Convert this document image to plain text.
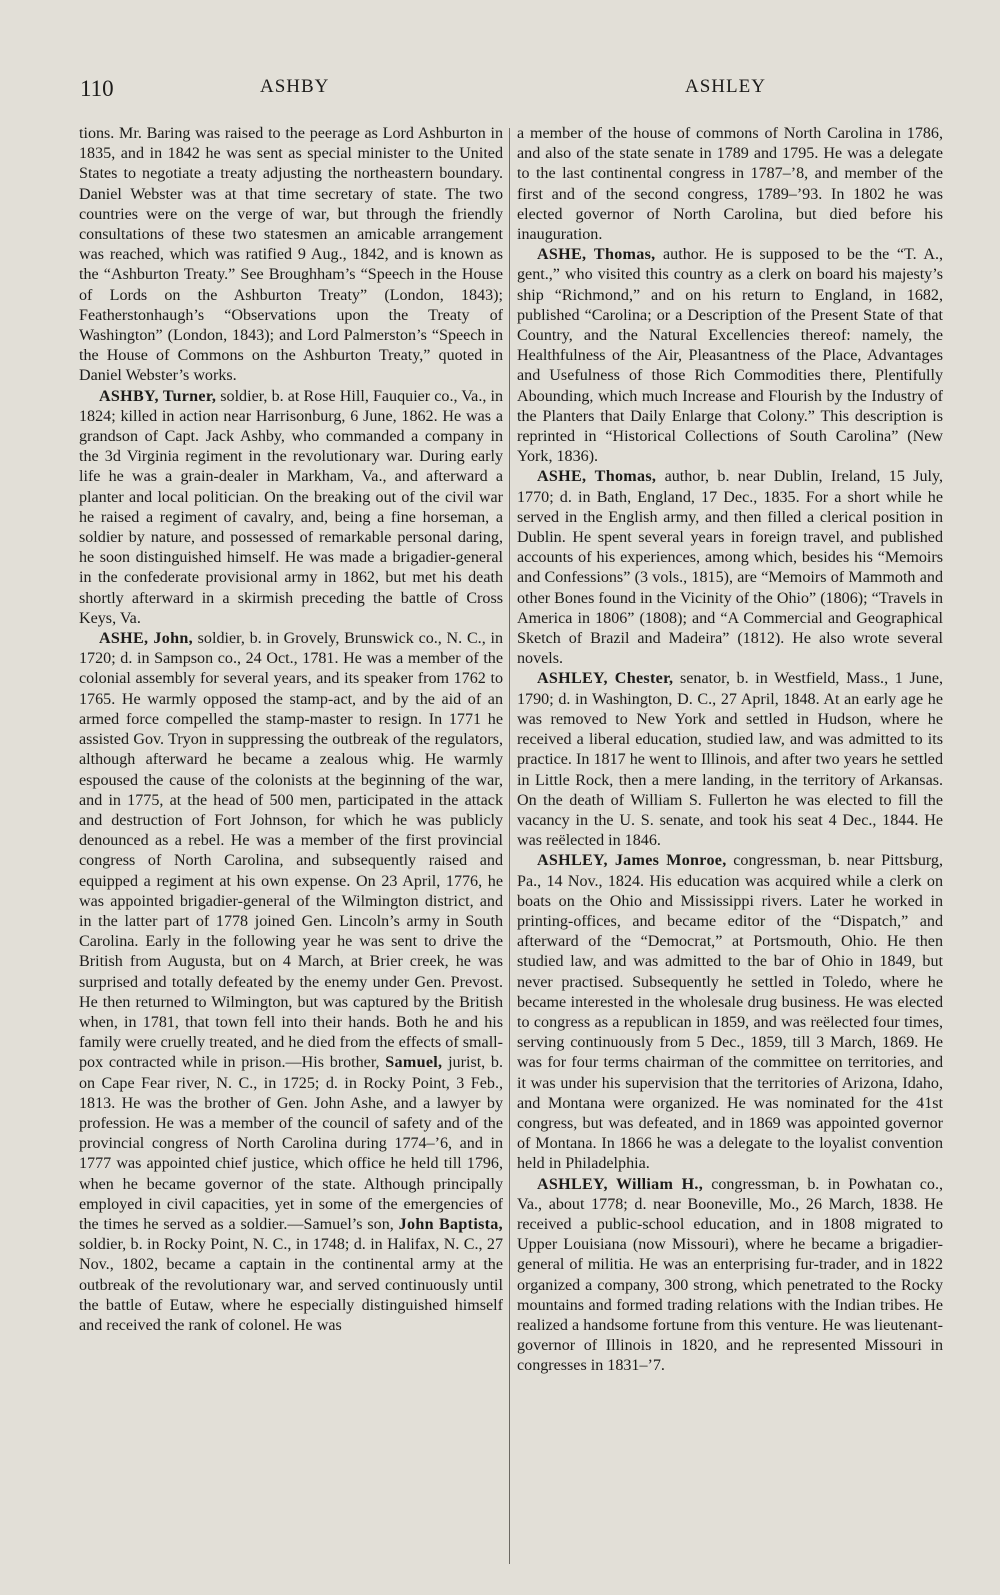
110	ASHBY	ASHLEY

tions. Mr. Baring was raised to the peerage as Lord Ashburton in 1835, and in 1842 he was sent as special minister to the United States to negotiate a treaty adjusting the northeastern boundary. Daniel Webster was at that time secretary of state. The two countries were on the verge of war, but through the friendly consultations of these two statesmen an amicable arrangement was reached, which was ratified 9 Aug., 1842, and is known as the “Ashburton Treaty.” See Broughham’s “Speech in the House of Lords on the Ashburton Treaty” (London, 1843); Featherstonhaugh’s “Observations upon the Treaty of Washington” (London, 1843); and Lord Palmerston’s “Speech in the House of Commons on the Ashburton Treaty,” quoted in Daniel Webster’s works.

ASHBY, Turner, soldier, b. at Rose Hill, Fauquier co., Va., in 1824; killed in action near Harrisonburg, 6 June, 1862. He was a grandson of Capt. Jack Ashby, who commanded a company in the 3d Virginia regiment in the revolutionary war. During early life he was a grain-dealer in Markham, Va., and afterward a planter and local politician. On the breaking out of the civil war he raised a regiment of cavalry, and, being a fine horseman, a soldier by nature, and possessed of remarkable personal daring, he soon distinguished himself. He was made a brigadier-general in the confederate provisional army in 1862, but met his death shortly afterward in a skirmish preceding the battle of Cross Keys, Va.

ASHE, John, soldier, b. in Grovely, Brunswick co., N. C., in 1720; d. in Sampson co., 24 Oct., 1781. He was a member of the colonial assembly for several years, and its speaker from 1762 to 1765. He warmly opposed the stamp-act, and by the aid of an armed force compelled the stamp-master to resign. In 1771 he assisted Gov. Tryon in suppressing the outbreak of the regulators, although afterward he became a zealous whig. He warmly espoused the cause of the colonists at the beginning of the war, and in 1775, at the head of 500 men, participated in the attack and destruction of Fort Johnson, for which he was publicly denounced as a rebel. He was a member of the first provincial congress of North Carolina, and subsequently raised and equipped a regiment at his own expense. On 23 April, 1776, he was appointed brigadier-general of the Wilmington district, and in the latter part of 1778 joined Gen. Lincoln’s army in South Carolina. Early in the following year he was sent to drive the British from Augusta, but on 4 March, at Brier creek, he was surprised and totally defeated by the enemy under Gen. Prevost. He then returned to Wilmington, but was captured by the British when, in 1781, that town fell into their hands. Both he and his family were cruelly treated, and he died from the effects of small-pox contracted while in prison.—His brother, Samuel, jurist, b. on Cape Fear river, N. C., in 1725; d. in Rocky Point, 3 Feb., 1813. He was the brother of Gen. John Ashe, and a lawyer by profession. He was a member of the council of safety and of the provincial congress of North Carolina during 1774–’6, and in 1777 was appointed chief justice, which office he held till 1796, when he became governor of the state. Although principally employed in civil capacities, yet in some of the emergencies of the times he served as a soldier.—Samuel’s son, John Baptista, soldier, b. in Rocky Point, N. C., in 1748; d. in Halifax, N. C., 27 Nov., 1802, became a captain in the continental army at the outbreak of the revolutionary war, and served continuously until the battle of Eutaw, where he especially distinguished himself and received the rank of colonel. He was

a member of the house of commons of North Carolina in 1786, and also of the state senate in 1789 and 1795. He was a delegate to the last continental congress in 1787–’8, and member of the first and of the second congress, 1789–’93. In 1802 he was elected governor of North Carolina, but died before his inauguration.

ASHE, Thomas, author. He is supposed to be the “T. A., gent.,” who visited this country as a clerk on board his majesty’s ship “Richmond,” and on his return to England, in 1682, published “Carolina; or a Description of the Present State of that Country, and the Natural Excellencies thereof: namely, the Healthfulness of the Air, Pleasantness of the Place, Advantages and Usefulness of those Rich Commodities there, Plentifully Abounding, which much Increase and Flourish by the Industry of the Planters that Daily Enlarge that Colony.” This description is reprinted in “Historical Collections of South Carolina” (New York, 1836).

ASHE, Thomas, author, b. near Dublin, Ireland, 15 July, 1770; d. in Bath, England, 17 Dec., 1835. For a short while he served in the English army, and then filled a clerical position in Dublin. He spent several years in foreign travel, and published accounts of his experiences, among which, besides his “Memoirs and Confessions” (3 vols., 1815), are “Memoirs of Mammoth and other Bones found in the Vicinity of the Ohio” (1806); “Travels in America in 1806” (1808); and “A Commercial and Geographical Sketch of Brazil and Madeira” (1812). He also wrote several novels.

ASHLEY, Chester, senator, b. in Westfield, Mass., 1 June, 1790; d. in Washington, D. C., 27 April, 1848. At an early age he was removed to New York and settled in Hudson, where he received a liberal education, studied law, and was admitted to its practice. In 1817 he went to Illinois, and after two years he settled in Little Rock, then a mere landing, in the territory of Arkansas. On the death of William S. Fullerton he was elected to fill the vacancy in the U. S. senate, and took his seat 4 Dec., 1844. He was reëlected in 1846.

ASHLEY, James Monroe, congressman, b. near Pittsburg, Pa., 14 Nov., 1824. His education was acquired while a clerk on boats on the Ohio and Mississippi rivers. Later he worked in printing-offices, and became editor of the “Dispatch,” and afterward of the “Democrat,” at Portsmouth, Ohio. He then studied law, and was admitted to the bar of Ohio in 1849, but never practised. Subsequently he settled in Toledo, where he became interested in the wholesale drug business. He was elected to congress as a republican in 1859, and was reëlected four times, serving continuously from 5 Dec., 1859, till 3 March, 1869. He was for four terms chairman of the committee on territories, and it was under his supervision that the territories of Arizona, Idaho, and Montana were organized. He was nominated for the 41st congress, but was defeated, and in 1869 was appointed governor of Montana. In 1866 he was a delegate to the loyalist convention held in Philadelphia.

ASHLEY, William H., congressman, b. in Powhatan co., Va., about 1778; d. near Booneville, Mo., 26 March, 1838. He received a public-school education, and in 1808 migrated to Upper Louisiana (now Missouri), where he became a brigadier-general of militia. He was an enterprising fur-trader, and in 1822 organized a company, 300 strong, which penetrated to the Rocky mountains and formed trading relations with the Indian tribes. He realized a handsome fortune from this venture. He was lieutenant-governor of Illinois in 1820, and he represented Missouri in congresses in 1831–’7.
